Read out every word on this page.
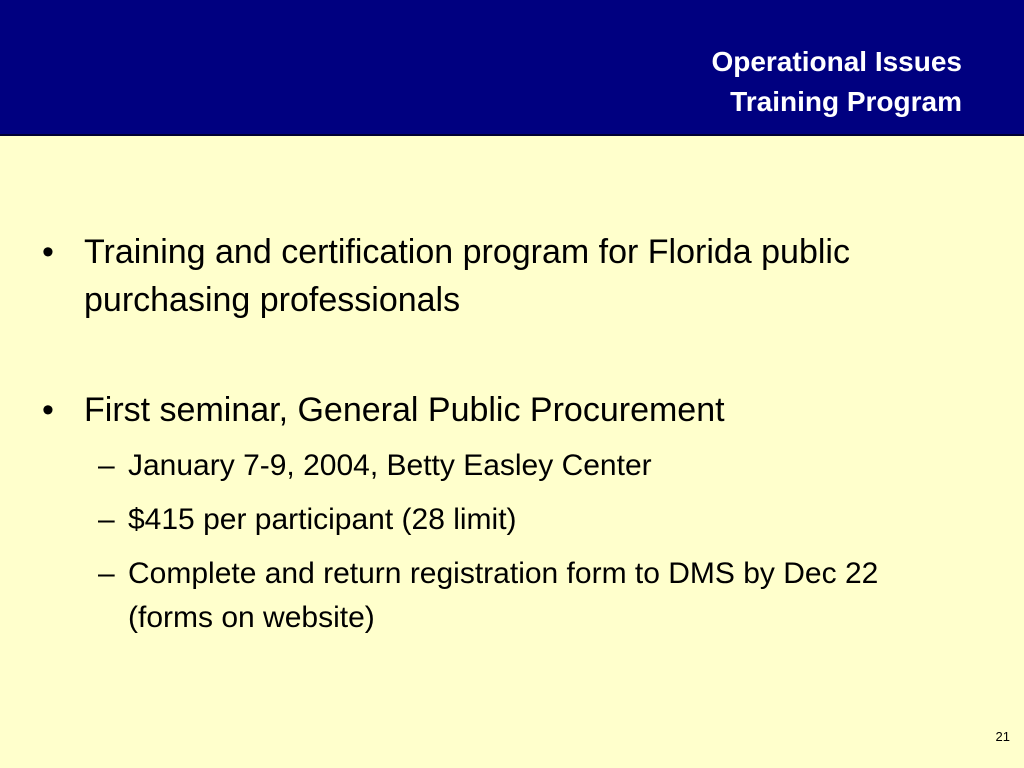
Operational Issues
Training Program
• Training and certification program for Florida public purchasing professionals
• First seminar, General Public Procurement
– January 7-9, 2004, Betty Easley Center
– $415 per participant (28 limit)
– Complete and return registration form to DMS by Dec 22 (forms on website)
21
